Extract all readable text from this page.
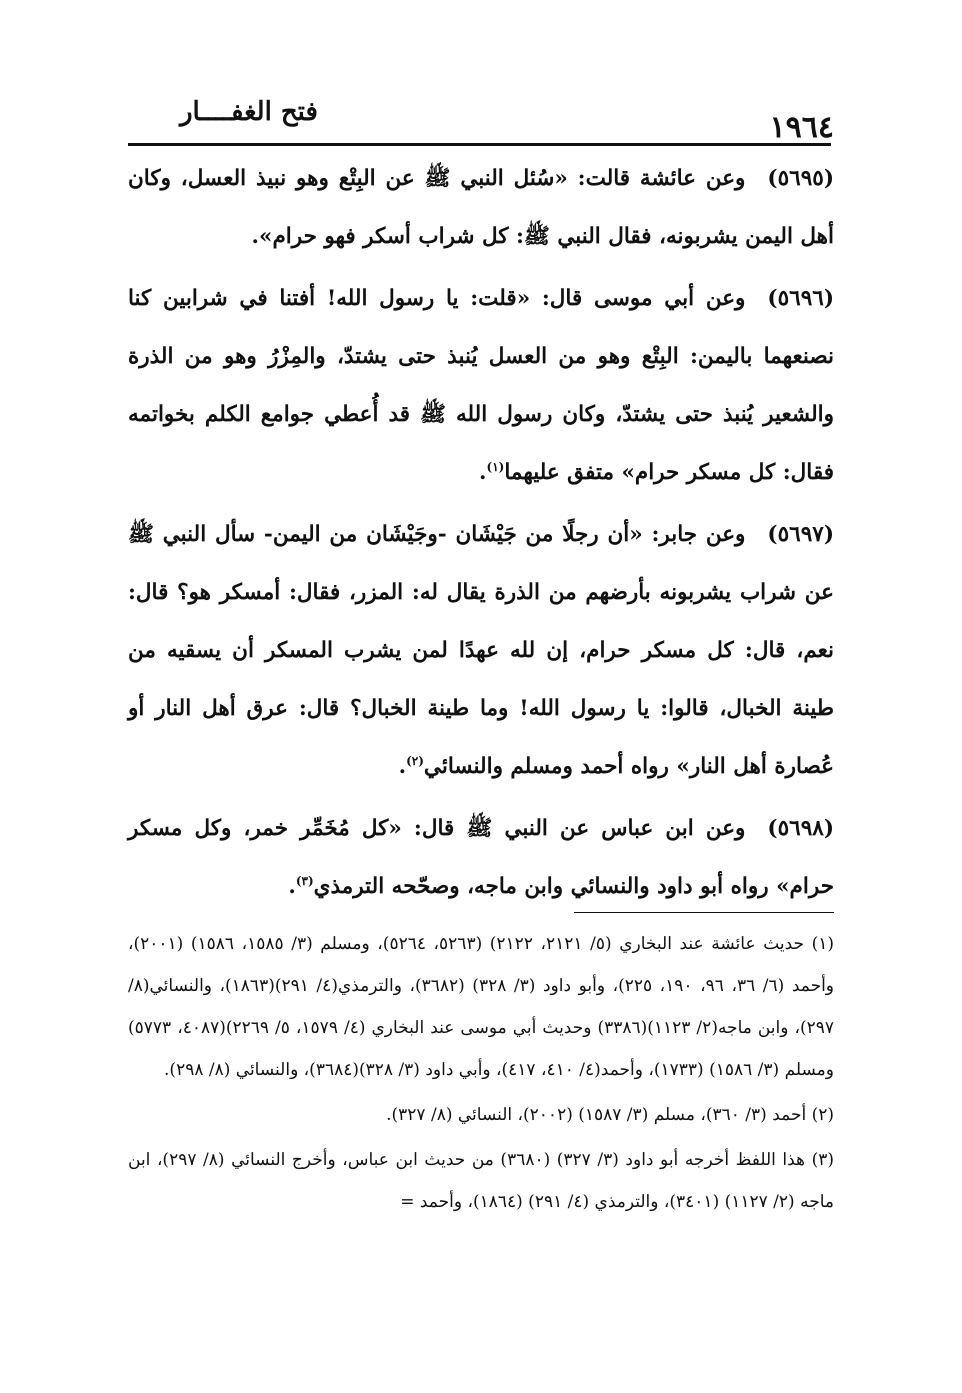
فتح الغفــــار	١٩٦٤

(٥٦٩٥)وعن عائشة قالت: «سُئل النبي ﷺ عن البِتْع وهو نبيذ العسل، وكان أهل اليمن يشربونه، فقال النبي ﷺ: كل شراب أسكر فهو حرام».

(٥٦٩٦)وعن أبي موسى قال: «قلت: يا رسول الله! أفتنا في شرابين كنا نصنعهما باليمن: البِتْع وهو من العسل يُنبذ حتى يشتدّ، والمِزْرُ وهو من الذرة والشعير يُنبذ حتى يشتدّ، وكان رسول الله ﷺ قد أُعطي جوامع الكلم بخواتمه فقال: كل مسكر حرام» متفق عليهما$^{(١)}$.

(٥٦٩٧)وعن جابر: «أن رجلًا من جَيْشَان -وجَيْشَان من اليمن- سأل النبي ﷺ عن شراب يشربونه بأرضهم من الذرة يقال له: المزر، فقال: أمسكر هو؟ قال: نعم، قال: كل مسكر حرام، إن لله عهدًا لمن يشرب المسكر أن يسقيه من طينة الخبال، قالوا: يا رسول الله! وما طينة الخبال؟ قال: عرق أهل النار أو عُصارة أهل النار» رواه أحمد ومسلم والنسائي$^{(٢)}$.

(٥٦٩٨)وعن ابن عباس عن النبي ﷺ قال: «كل مُخَمِّر خمر، وكل مسكر حرام» رواه أبو داود والنسائي وابن ماجه، وصحّحه الترمذي$^{(٣)}$.

(١) حديث عائشة عند البخاري (٥/ ٢١٢١، ٢١٢٢) (٥٢٦٣، ٥٢٦٤)، ومسلم (٣/ ١٥٨٥، ١٥٨٦) (٢٠٠١)، وأحمد (٦/ ٣٦، ٩٦، ١٩٠، ٢٢٥)، وأبو داود (٣/ ٣٢٨) (٣٦٨٢)، والترمذي(٤/ ٢٩١)(١٨٦٣)، والنسائي(٨/ ٢٩٧)، وابن ماجه(٢/ ١١٢٣)(٣٣٨٦) وحديث أبي موسى عند البخاري (٤/ ١٥٧٩، ٥/ ٢٢٦٩)(٤٠٨٧، ٥٧٧٣) ومسلم (٣/ ١٥٨٦) (١٧٣٣)، وأحمد(٤/ ٤١٠، ٤١٧)، وأبي داود (٣/ ٣٢٨)(٣٦٨٤)، والنسائي (٨/ ٢٩٨).

(٢) أحمد (٣/ ٣٦٠)، مسلم (٣/ ١٥٨٧) (٢٠٠٢)، النسائي (٨/ ٣٢٧).

(٣) هذا اللفظ أخرجه أبو داود (٣/ ٣٢٧) (٣٦٨٠) من حديث ابن عباس، وأخرج النسائي (٨/ ٢٩٧)، ابن ماجه (٢/ ١١٢٧) (٣٤٠١)، والترمذي (٤/ ٢٩١) (١٨٦٤)، وأحمد =
